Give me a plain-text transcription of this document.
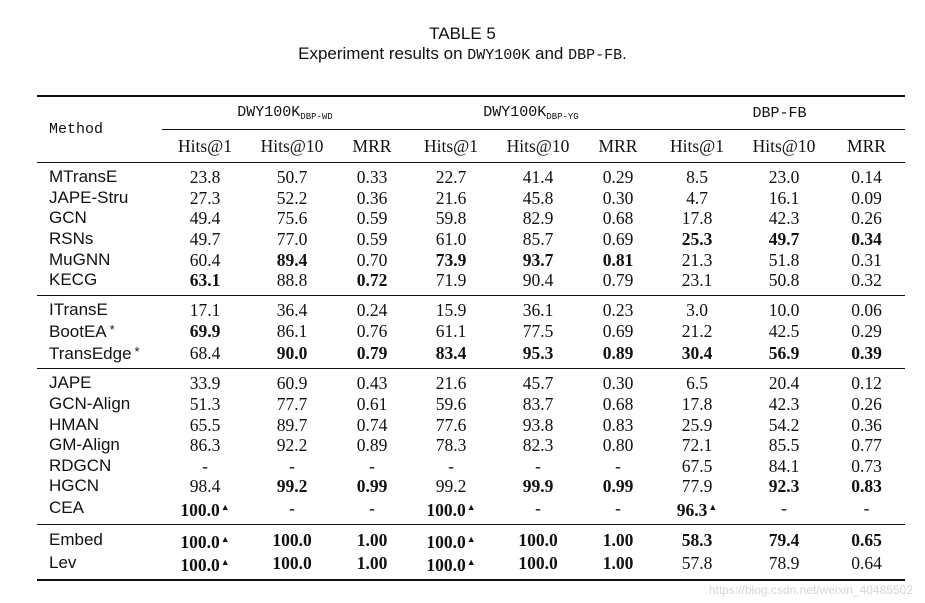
TABLE 5
Experiment results on DWY100K and DBP-FB.
Method	$DWY100K_{DBP-WD}$			$DWY100K_{DBP-YG}$			DBP-FB		
	Hits@1	Hits@10	MRR	Hits@1	Hits@10	MRR	Hits@1	Hits@10	MRR
MTransE	23.8	50.7	0.33	22.7	41.4	0.29	8.5	23.0	0.14
JAPE-Stru	27.3	52.2	0.36	21.6	45.8	0.30	4.7	16.1	0.09
GCN	49.4	75.6	0.59	59.8	82.9	0.68	17.8	42.3	0.26
RSNs	49.7	77.0	0.59	61.0	85.7	0.69	25.3	49.7	0.34
MuGNN	60.4	89.4	0.70	73.9	93.7	0.81	21.3	51.8	0.31
KECG	63.1	88.8	0.72	71.9	90.4	0.79	23.1	50.8	0.32
ITransE	17.1	36.4	0.24	15.9	36.1	0.23	3.0	10.0	0.06
BootEA *	69.9	86.1	0.76	61.1	77.5	0.69	21.2	42.5	0.29
TransEdge *	68.4	90.0	0.79	83.4	95.3	0.89	30.4	56.9	0.39
JAPE	33.9	60.9	0.43	21.6	45.7	0.30	6.5	20.4	0.12
GCN-Align	51.3	77.7	0.61	59.6	83.7	0.68	17.8	42.3	0.26
HMAN	65.5	89.7	0.74	77.6	93.8	0.83	25.9	54.2	0.36
GM-Align	86.3	92.2	0.89	78.3	82.3	0.80	72.1	85.5	0.77
RDGCN	-	-	-	-	-	-	67.5	84.1	0.73
HGCN	98.4	99.2	0.99	99.2	99.9	0.99	77.9	92.3	0.83
CEA	100.0▲	-	-	100.0▲	-	-	96.3▲	-	-
Embed	100.0▲	100.0	1.00	100.0▲	100.0	1.00	58.3	79.4	0.65
Lev	100.0▲	100.0	1.00	100.0▲	100.0	1.00	57.8	78.9	0.64
https://blog.csdn.net/weixin_40485502
